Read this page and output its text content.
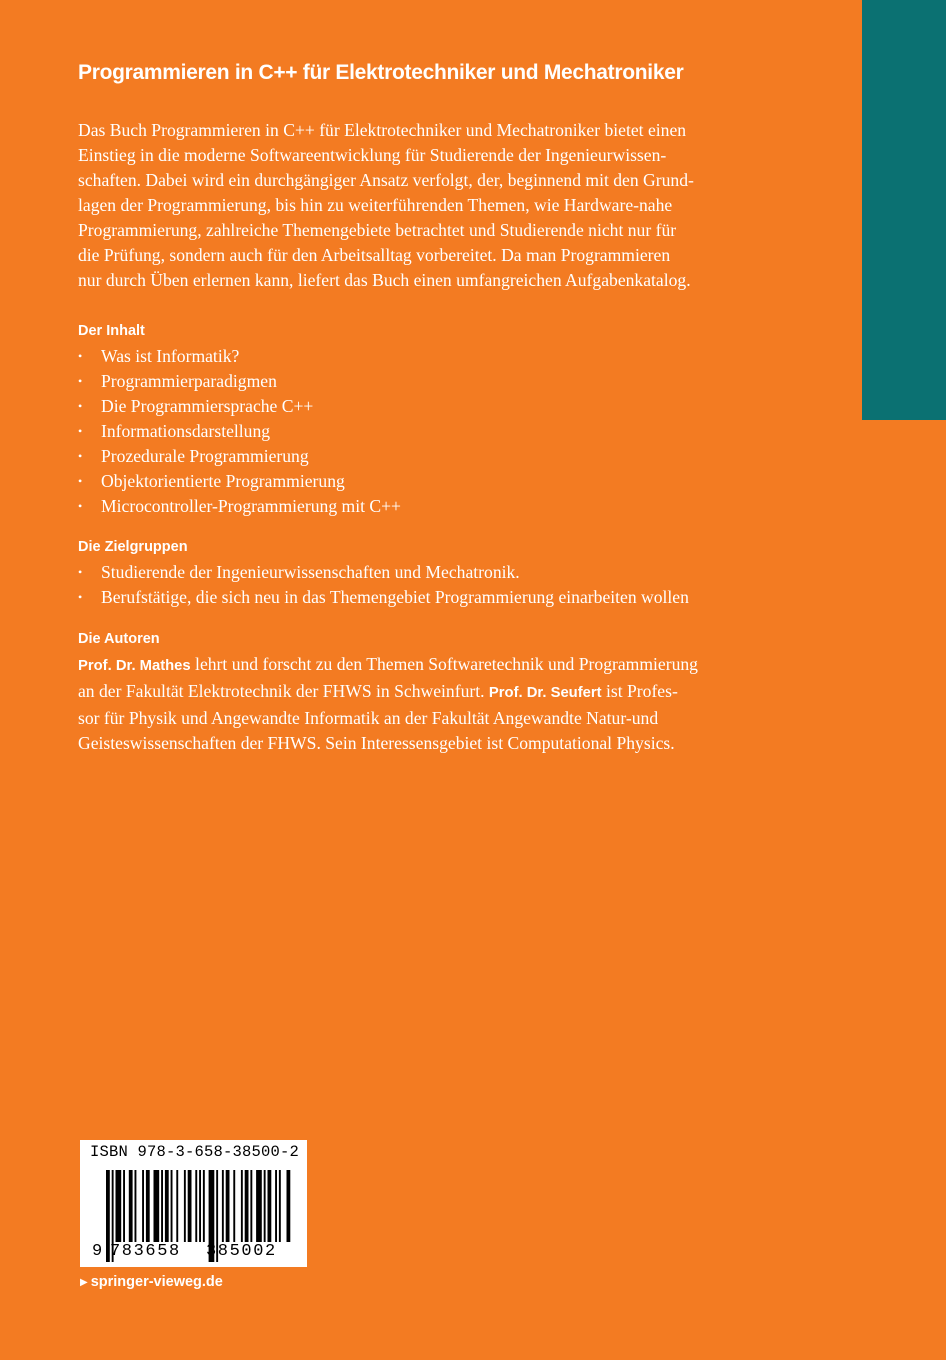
Programmieren in C++ für Elektrotechniker und Mechatroniker

Das Buch Programmieren in C++ für Elektrotechniker und Mechatroniker bietet einen
Einstieg in die moderne Softwareentwicklung für Studierende der Ingenieurwissen-
schaften. Dabei wird ein durchgängiger Ansatz verfolgt, der, beginnend mit den Grund-
lagen der Programmierung, bis hin zu weiterführenden Themen, wie Hardware-nahe
Programmierung, zahlreiche Themengebiete betrachtet und Studierende nicht nur für
die Prüfung, sondern auch für den Arbeitsalltag vorbereitet. Da man Programmieren
nur durch Üben erlernen kann, liefert das Buch einen umfangreichen Aufgabenkatalog.

Der Inhalt
• Was ist Informatik?
• Programmierparadigmen
• Die Programmiersprache C++
• Informationsdarstellung
• Prozedurale Programmierung
• Objektorientierte Programmierung
• Microcontroller-Programmierung mit C++
Die Zielgruppen
• Studierende der Ingenieurwissenschaften und Mechatronik.
• Berufstätige, die sich neu in das Themengebiet Programmierung einarbeiten wollen
Die Autoren

Prof. Dr. Mathes lehrt und forscht zu den Themen Softwaretechnik und Programmierung
an der Fakultät Elektrotechnik der FHWS in Schweinfurt. Prof. Dr. Seufert ist Profes-
sor für Physik und Angewandte Informatik an der Fakultät Angewandte Natur-und
Geisteswissenschaften der FHWS. Sein Interessensgebiet ist Computational Physics.

ISBN 978-3-658-38500-2
9 783658 385002
▶ springer-vieweg.de
